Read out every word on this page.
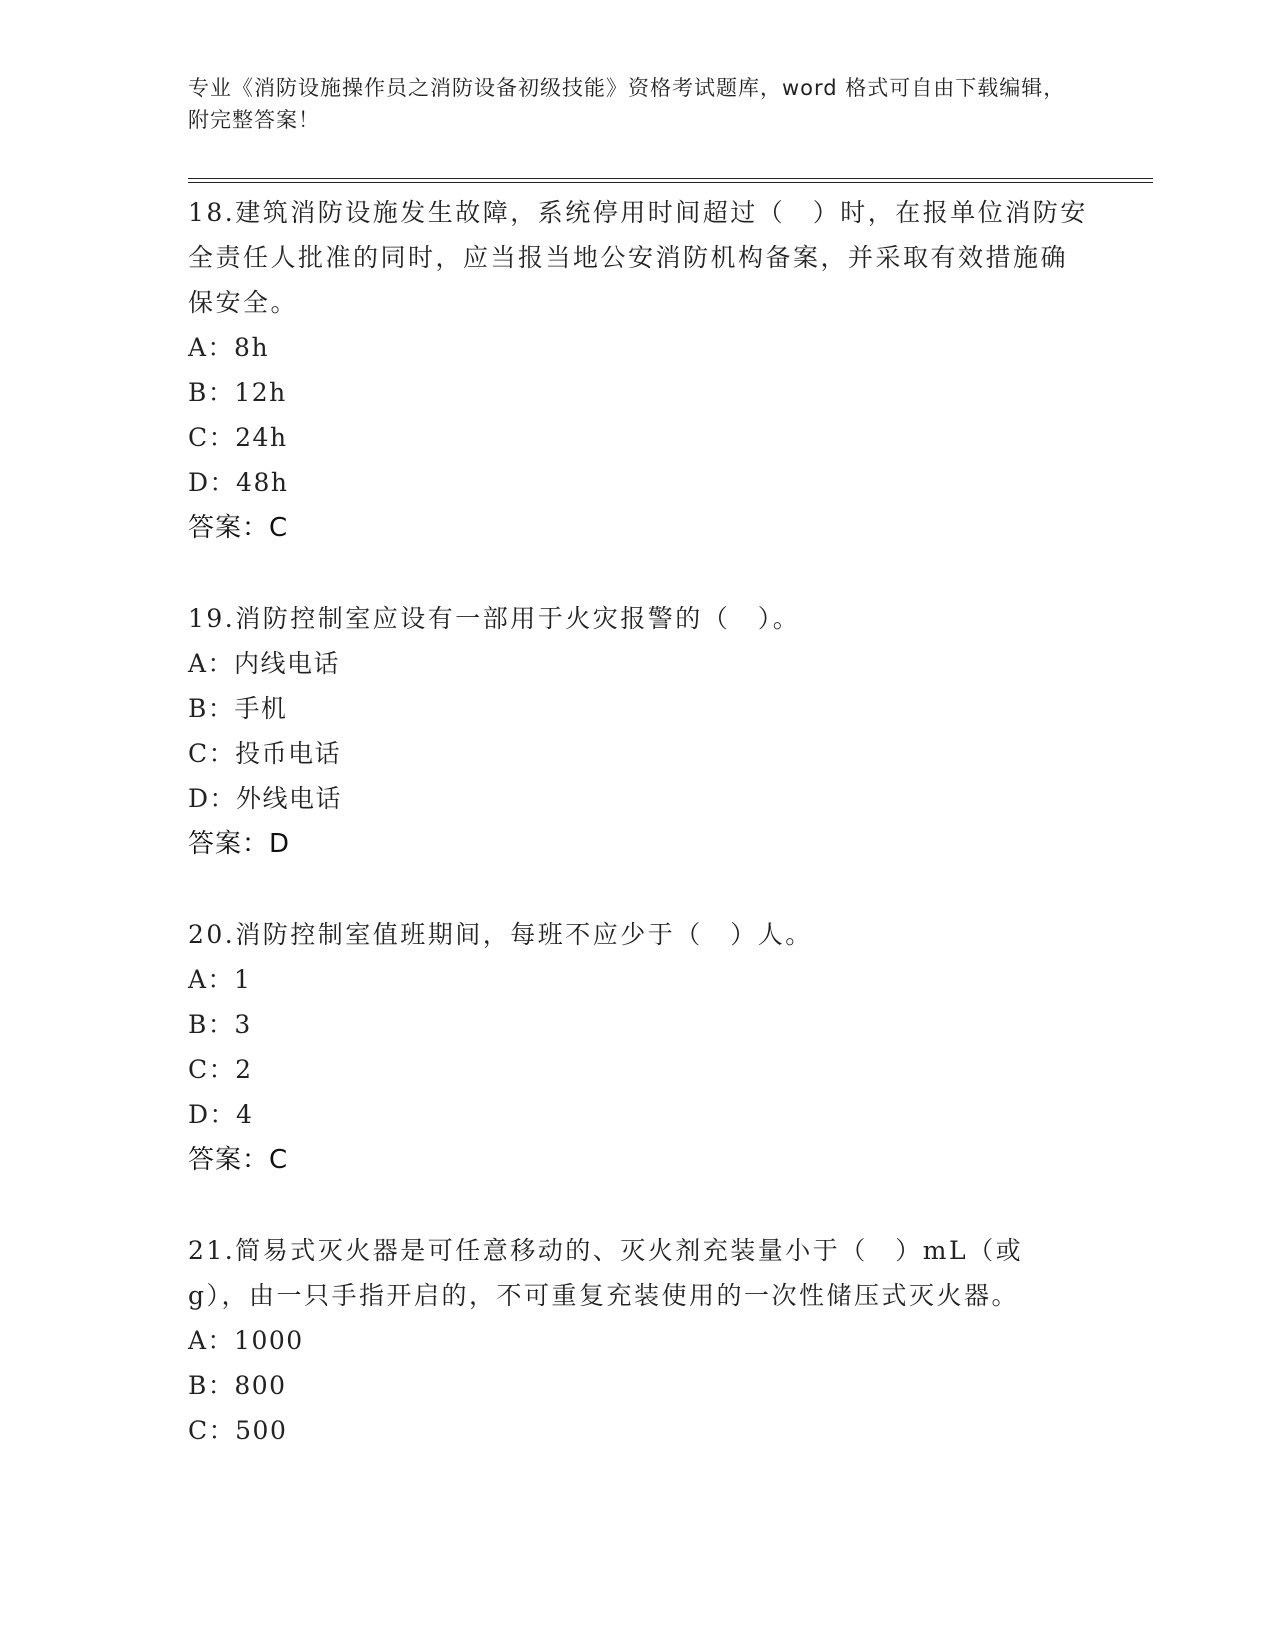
专业《消防设施操作员之消防设备初级技能》资格考试题库，word 格式可自由下载编辑，附完整答案！
18.建筑消防设施发生故障，系统停用时间超过（　）时，在报单位消防安全责任人批准的同时，应当报当地公安消防机构备案，并采取有效措施确保安全。
A：8h
B：12h
C：24h
D：48h
答案：C
19.消防控制室应设有一部用于火灾报警的（　）。
A：内线电话
B：手机
C：投币电话
D：外线电话
答案：D
20.消防控制室值班期间，每班不应少于（　）人。
A：1
B：3
C：2
D：4
答案：C
21.简易式灭火器是可任意移动的、灭火剂充装量小于（　）mL（或 g），由一只手指开启的，不可重复充装使用的一次性储压式灭火器。
A：1000
B：800
C：500
